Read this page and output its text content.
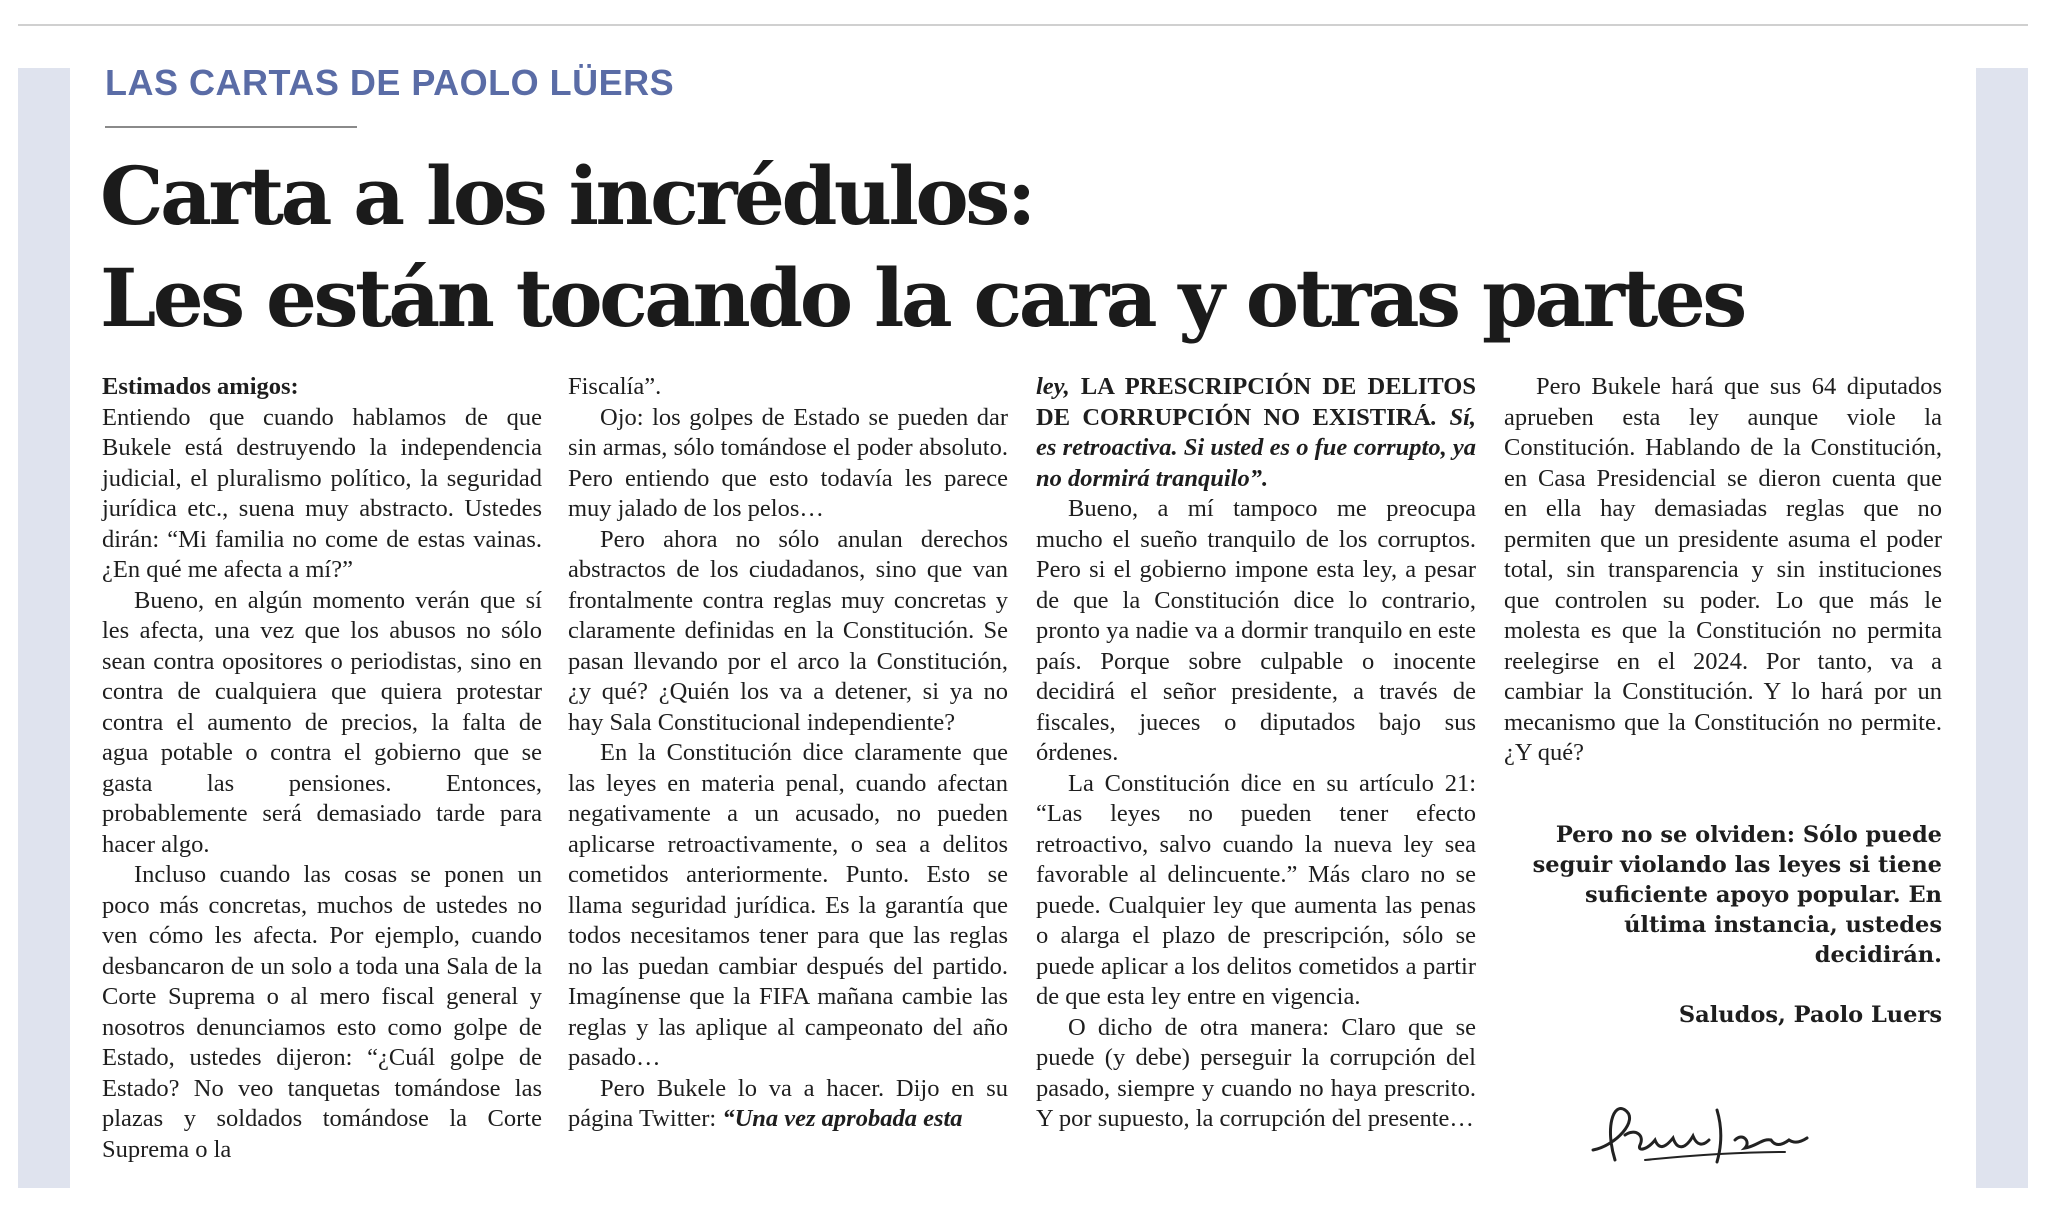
LAS CARTAS DE PAOLO LÜERS
Carta a los incrédulos:
Les están tocando la cara y otras partes

Estimados amigos:

Entiendo que cuando hablamos de que Bukele está destruyendo la independencia judicial, el pluralismo político, la seguridad jurídica etc., suena muy abstracto. Ustedes dirán: “Mi familia no come de estas vainas. ¿En qué me afecta a mí?”

Bueno, en algún momento verán que sí les afecta, una vez que los abusos no sólo sean contra opositores o periodistas, sino en contra de cualquiera que quiera protestar contra el aumento de precios, la falta de agua potable o contra el gobierno que se gasta las pensiones. Entonces, probablemente será demasiado tarde para hacer algo.

Incluso cuando las cosas se ponen un poco más concretas, muchos de ustedes no ven cómo les afecta. Por ejemplo, cuando desbancaron de un solo a toda una Sala de la Corte Suprema o al mero fiscal general y nosotros denunciamos esto como golpe de Estado, ustedes dijeron: “¿Cuál golpe de Estado? No veo tanquetas tomándose las plazas y soldados tomándose la Corte Suprema o la

Fiscalía”.

Ojo: los golpes de Estado se pueden dar sin armas, sólo tomándose el poder absoluto. Pero entiendo que esto todavía les parece muy jalado de los pelos…

Pero ahora no sólo anulan derechos abstractos de los ciudadanos, sino que van frontalmente contra reglas muy concretas y claramente definidas en la Constitución. Se pasan llevando por el arco la Constitución, ¿y qué? ¿Quién los va a detener, si ya no hay Sala Constitucional independiente?

En la Constitución dice claramente que las leyes en materia penal, cuando afectan negativamente a un acusado, no pueden aplicarse retroactivamente, o sea a delitos cometidos anteriormente. Punto. Esto se llama seguridad jurídica. Es la garantía que todos necesitamos tener para que las reglas no las puedan cambiar después del partido. Imagínense que la FIFA mañana cambie las reglas y las aplique al campeonato del año pasado…

Pero Bukele lo va a hacer. Dijo en su página Twitter: “Una vez aprobada esta

ley, LA PRESCRIPCIÓN DE DELITOS DE CORRUPCIÓN NO EXISTIRÁ. Sí, es retroactiva. Si usted es o fue corrupto, ya no dormirá tranquilo”.

Bueno, a mí tampoco me preocupa mucho el sueño tranquilo de los corruptos. Pero si el gobierno impone esta ley, a pesar de que la Constitución dice lo contrario, pronto ya nadie va a dormir tranquilo en este país. Porque sobre culpable o inocente decidirá el señor presidente, a través de fiscales, jueces o diputados bajo sus órdenes.

La Constitución dice en su artículo 21: “Las leyes no pueden tener efecto retroactivo, salvo cuando la nueva ley sea favorable al delincuente.” Más claro no se puede. Cualquier ley que aumenta las penas o alarga el plazo de prescripción, sólo se puede aplicar a los delitos cometidos a partir de que esta ley entre en vigencia.

O dicho de otra manera: Claro que se puede (y debe) perseguir la corrupción del pasado, siempre y cuando no haya prescrito. Y por supuesto, la corrupción del presente…

Pero Bukele hará que sus 64 diputados aprueben esta ley aunque viole la Constitución. Hablando de la Constitución, en Casa Presidencial se dieron cuenta que en ella hay demasiadas reglas que no permiten que un presidente asuma el poder total, sin transparencia y sin instituciones que controlen su poder. Lo que más le molesta es que la Constitución no permita reelegirse en el 2024. Por tanto, va a cambiar la Constitución. Y lo hará por un mecanismo que la Constitución no permite. ¿Y qué?

Pero no se olviden: Sólo puede seguir violando las leyes si tiene suficiente apoyo popular. En última instancia, ustedes decidirán.

Saludos, Paolo Luers
